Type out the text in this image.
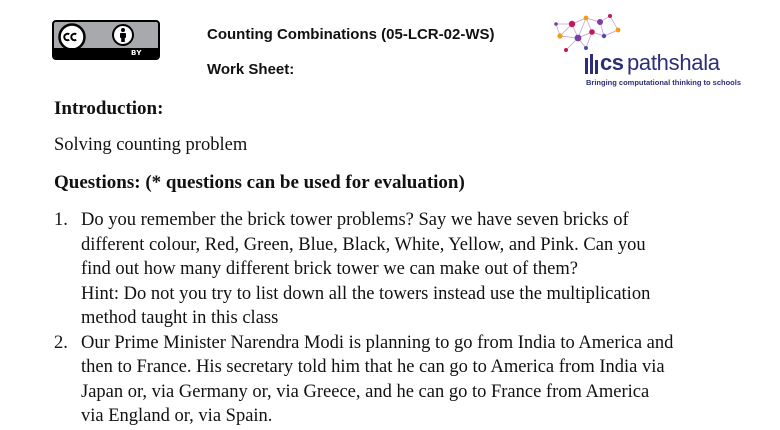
BY
Counting Combinations (05-LCR-02-WS)
Work Sheet:	cs pathshala
Bringing computational thinking to schools
Introduction:
Solving counting problem
Questions: (* questions can be used for evaluation)
1. Do you remember the brick tower problems? Say we have seven bricks of
different colour, Red, Green, Blue, Black, White, Yellow, and Pink. Can you
find out how many different brick tower we can make out of them?
Hint: Do not you try to list down all the towers instead use the multiplication
method taught in this class
2. Our Prime Minister Narendra Modi is planning to go from India to America and
then to France. His secretary told him that he can go to America from India via
Japan or, via Germany or, via Greece, and he can go to France from America
via England or, via Spain.
